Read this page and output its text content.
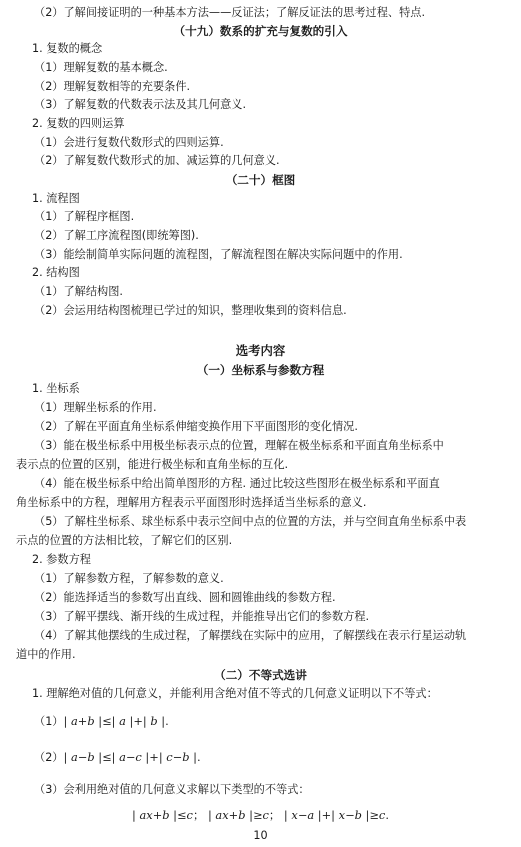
（2）了解间接证明的一种基本方法——反证法；了解反证法的思考过程、特点.
（十九）数系的扩充与复数的引入
1. 复数的概念
（1）理解复数的基本概念.
（2）理解复数相等的充要条件.
（3）了解复数的代数表示法及其几何意义.
2. 复数的四则运算
（1）会进行复数代数形式的四则运算.
（2）了解复数代数形式的加、减运算的几何意义.
（二十）框图
1. 流程图
（1）了解程序框图.
（2）了解工序流程图(即统筹图).
（3）能绘制简单实际问题的流程图，了解流程图在解决实际问题中的作用.
2. 结构图
（1）了解结构图.
（2）会运用结构图梳理已学过的知识，整理收集到的资料信息.
选考内容
（一）坐标系与参数方程
1. 坐标系
（1）理解坐标系的作用.
（2）了解在平面直角坐标系伸缩变换作用下平面图形的变化情况.
（3）能在极坐标系中用极坐标表示点的位置，理解在极坐标系和平面直角坐标系中
表示点的位置的区别，能进行极坐标和直角坐标的互化.
（4）能在极坐标系中给出简单图形的方程. 通过比较这些图形在极坐标系和平面直
角坐标系中的方程，理解用方程表示平面图形时选择适当坐标系的意义.
（5）了解柱坐标系、球坐标系中表示空间中点的位置的方法，并与空间直角坐标系中表
示点的位置的方法相比较，了解它们的区别.
2. 参数方程
（1）了解参数方程，了解参数的意义.
（2）能选择适当的参数写出直线、圆和圆锥曲线的参数方程.
（3）了解平摆线、渐开线的生成过程，并能推导出它们的参数方程.
（4）了解其他摆线的生成过程，了解摆线在实际中的应用，了解摆线在表示行星运动轨
道中的作用.
（二）不等式选讲
1. 理解绝对值的几何意义，并能利用含绝对值不等式的几何意义证明以下不等式：
（1）| a+b |≤| a |+| b |.
（2）| a−b |≤| a−c |+| c−b |.
（3）会利用绝对值的几何意义求解以下类型的不等式：
| ax+b |≤c； | ax+b |≥c； | x−a |+| x−b |≥c.
10
